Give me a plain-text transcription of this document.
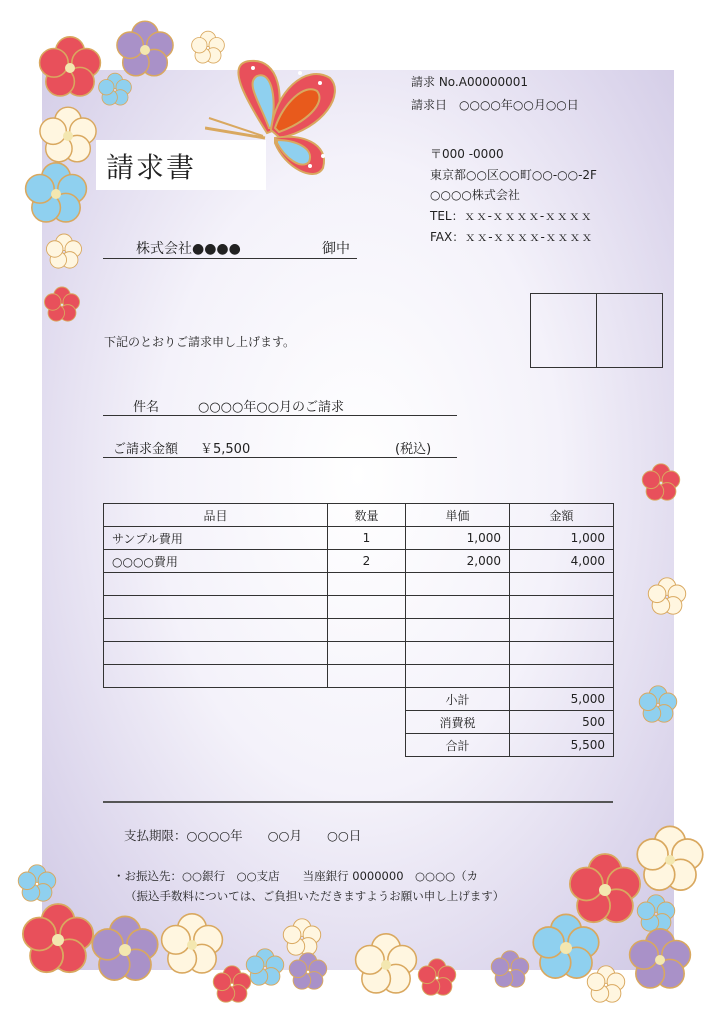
請求書
請求 No.A00000001
請求日　○○○○年○○月○○日
〒000 -0000
東京都○○区○○町○○-○○-2F
○○○○株式会社
TEL：ｘｘ-ｘｘｘｘ-ｘｘｘｘ
FAX：ｘｘ-ｘｘｘｘ-ｘｘｘｘ
株式会社●●●●	御中
下記のとおりご請求申し上げます。
件名	○○○○年○○月のご請求
ご請求金額 ￥5,500	(税込)
品目	数量	単価	金額
サンプル費用	1	1,000	1,000
○○○○費用	2	2,000	4,000

小計	5,000
消費税	500
合計	5,500
支払期限：○○○○年　　○○月　　○○日
・お振込先：○○銀行　○○支店　　当座銀行 0000000　○○○○（カ
（振込手数料については、ご負担いただきますようお願い申し上げます）
